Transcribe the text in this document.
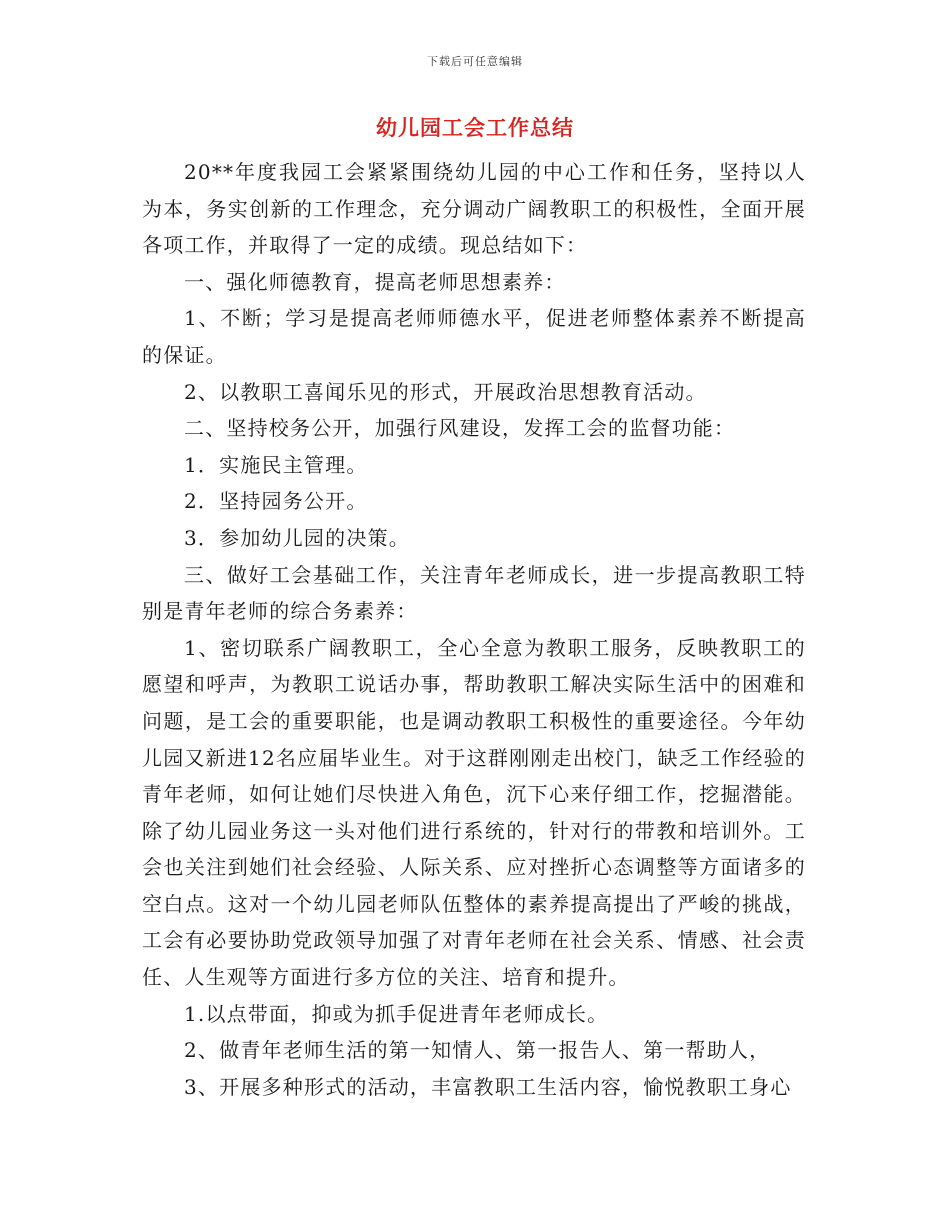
下载后可任意编辑
幼儿园工会工作总结

20**年度我园工会紧紧围绕幼儿园的中心工作和任务，坚持以人为本，务实创新的工作理念，充分调动广阔教职工的积极性，全面开展各项工作，并取得了一定的成绩。现总结如下：

一、强化师德教育，提高老师思想素养：

1、不断；学习是提高老师师德水平，促进老师整体素养不断提高的保证。

2、以教职工喜闻乐见的形式，开展政治思想教育活动。

二、坚持校务公开，加强行风建设，发挥工会的监督功能：

1．实施民主管理。

2．坚持园务公开。

3．参加幼儿园的决策。

三、做好工会基础工作，关注青年老师成长，进一步提高教职工特别是青年老师的综合务素养：

1、密切联系广阔教职工，全心全意为教职工服务，反映教职工的愿望和呼声，为教职工说话办事，帮助教职工解决实际生活中的困难和问题，是工会的重要职能，也是调动教职工积极性的重要途径。今年幼儿园又新进12名应届毕业生。对于这群刚刚走出校门，缺乏工作经验的青年老师，如何让她们尽快进入角色，沉下心来仔细工作，挖掘潜能。除了幼儿园业务这一头对他们进行系统的，针对行的带教和培训外。工会也关注到她们社会经验、人际关系、应对挫折心态调整等方面诸多的空白点。这对一个幼儿园老师队伍整体的素养提高提出了严峻的挑战，工会有必要协助党政领导加强了对青年老师在社会关系、情感、社会责任、人生观等方面进行多方位的关注、培育和提升。

1.以点带面，抑或为抓手促进青年老师成长。

2、做青年老师生活的第一知情人、第一报告人、第一帮助人，

3、开展多种形式的活动，丰富教职工生活内容，愉悦教职工身心
